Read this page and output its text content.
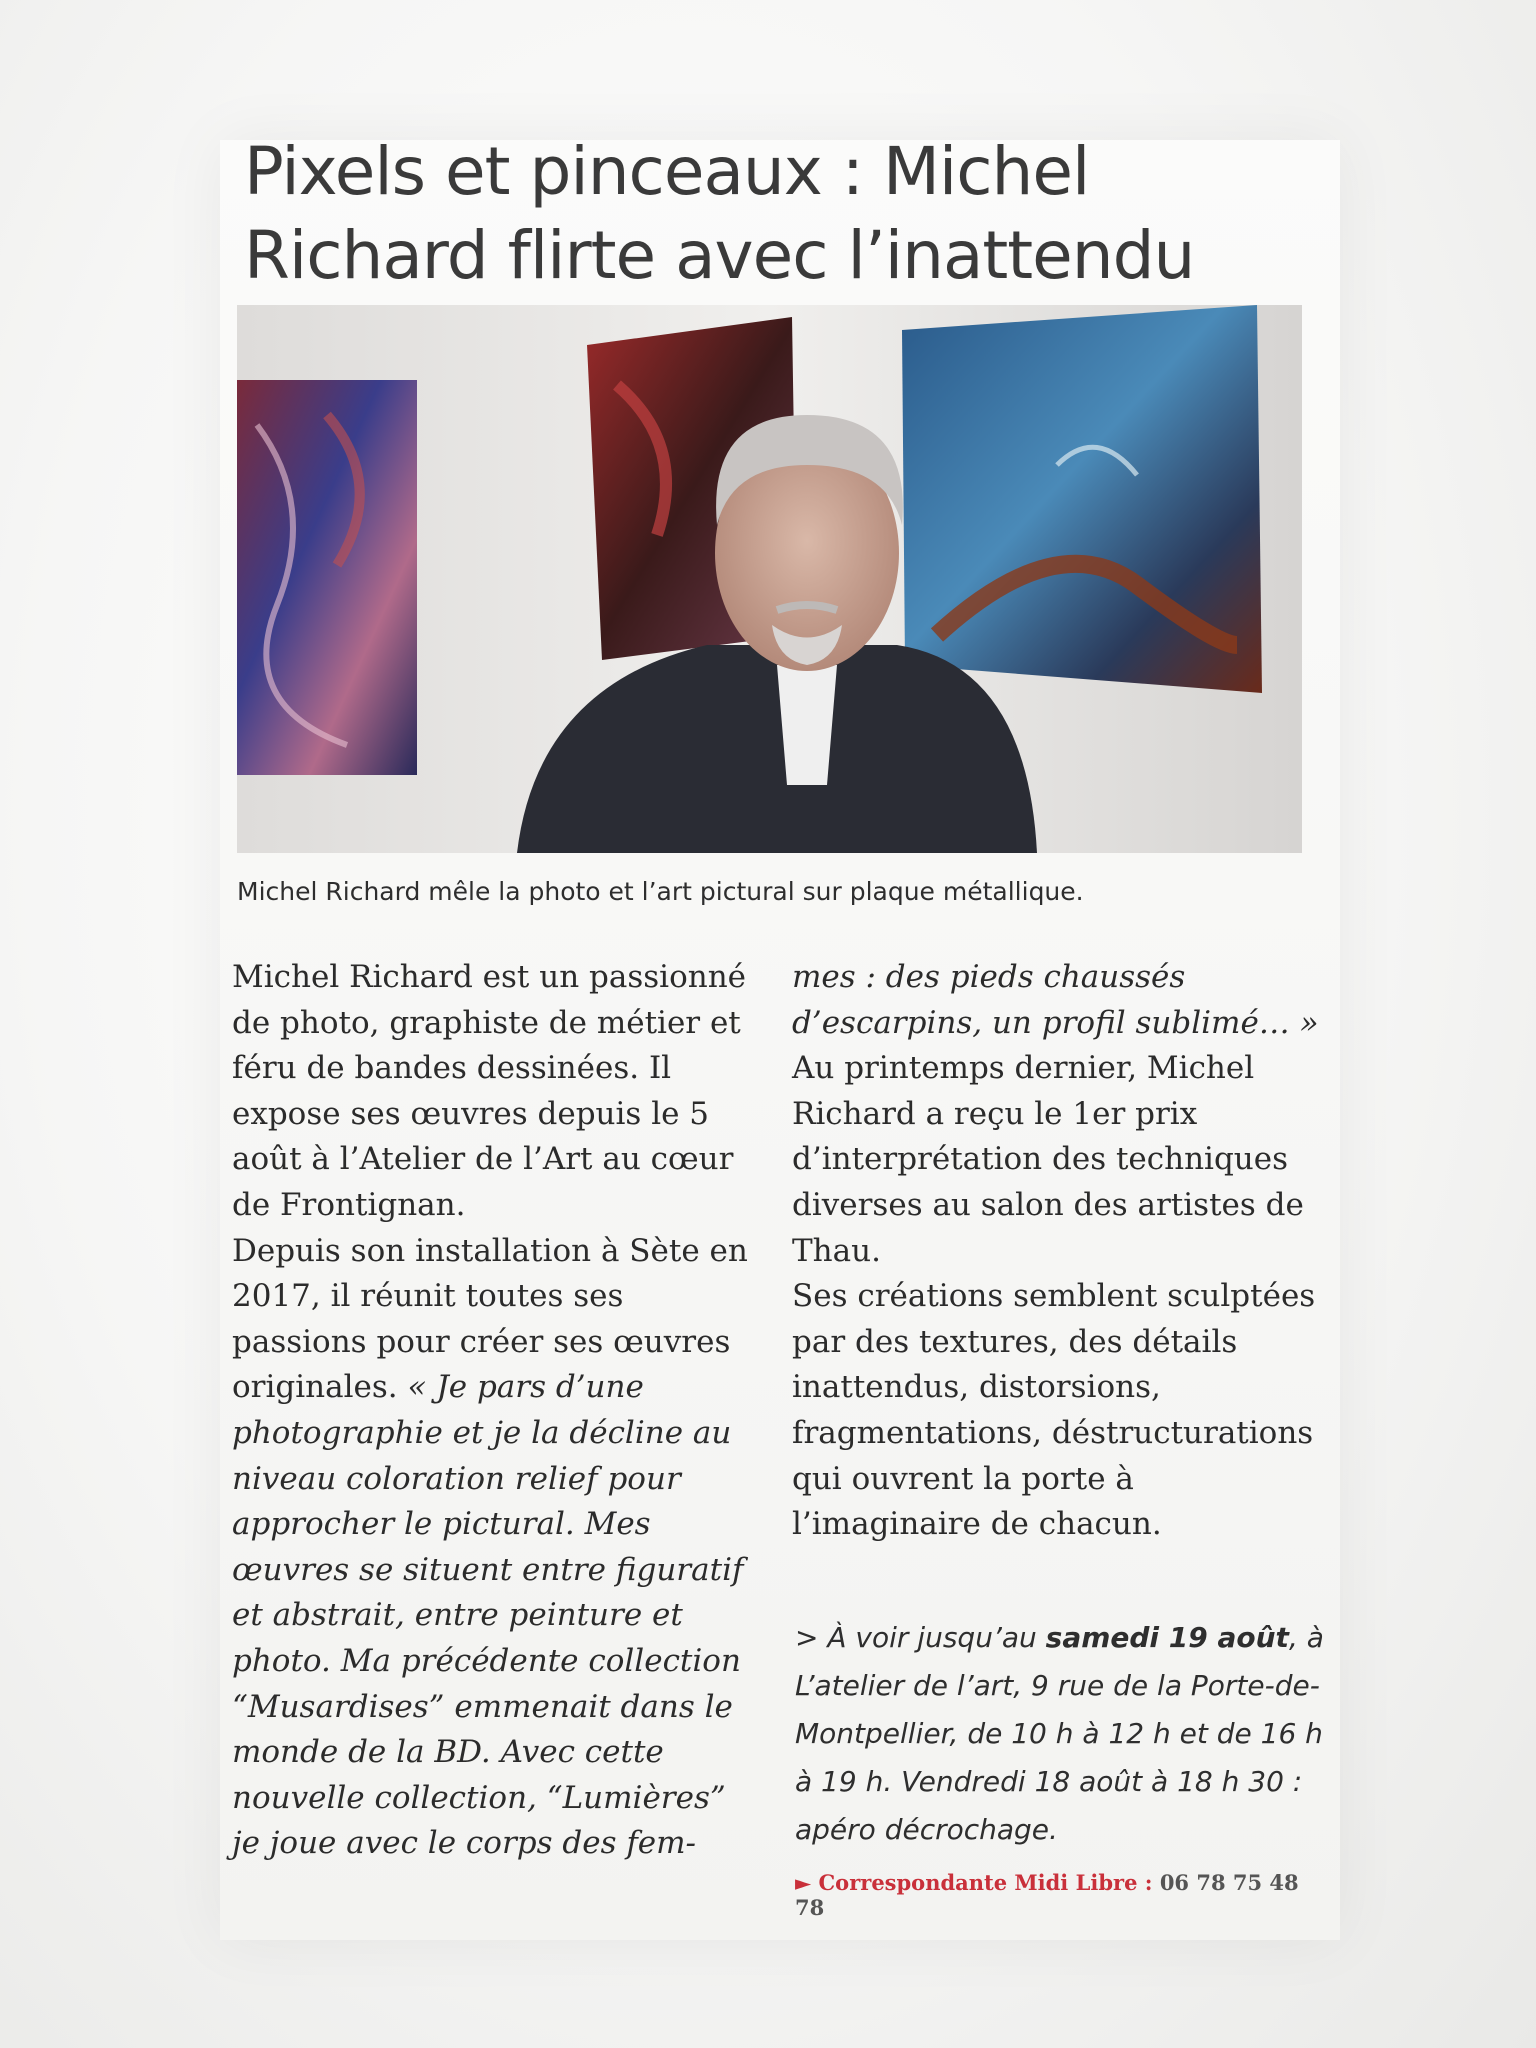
Pixels et pinceaux : Michel
Richard flirte avec l’inattendu
Michel Richard mêle la photo et l’art pictural sur plaque métallique.

Michel Richard est un passionné de photo, graphiste de métier et féru de bandes dessinées. Il expose ses œuvres depuis le 5 août à l’Atelier de l’Art au cœur de Frontignan.

Depuis son installation à Sète en 2017, il réunit toutes ses passions pour créer ses œuvres originales. « Je pars d’une photographie et je la décline au niveau coloration relief pour approcher le pictural. Mes œuvres se situent entre figuratif et abstrait, entre peinture et photo. Ma précédente collection “Musardises” emmenait dans le monde de la BD. Avec cette nouvelle collection, “Lumières” je joue avec le corps des fem-

mes : des pieds chaussés d’escarpins, un profil sublimé… »

Au printemps dernier, Michel Richard a reçu le 1er prix d’interprétation des techniques diverses au salon des artistes de Thau.

Ses créations semblent sculptées par des textures, des détails inattendus, distorsions, fragmentations, déstructurations qui ouvrent la porte à l’imaginaire de chacun.

> À voir jusqu’au samedi 19 août, à L’atelier de l’art, 9 rue de la Porte-de-Montpellier, de 10 h à 12 h et de 16 h à 19 h. Vendredi 18 août à 18 h 30 : apéro décrochage.
► Correspondante Midi Libre : 06 78 75 48 78
